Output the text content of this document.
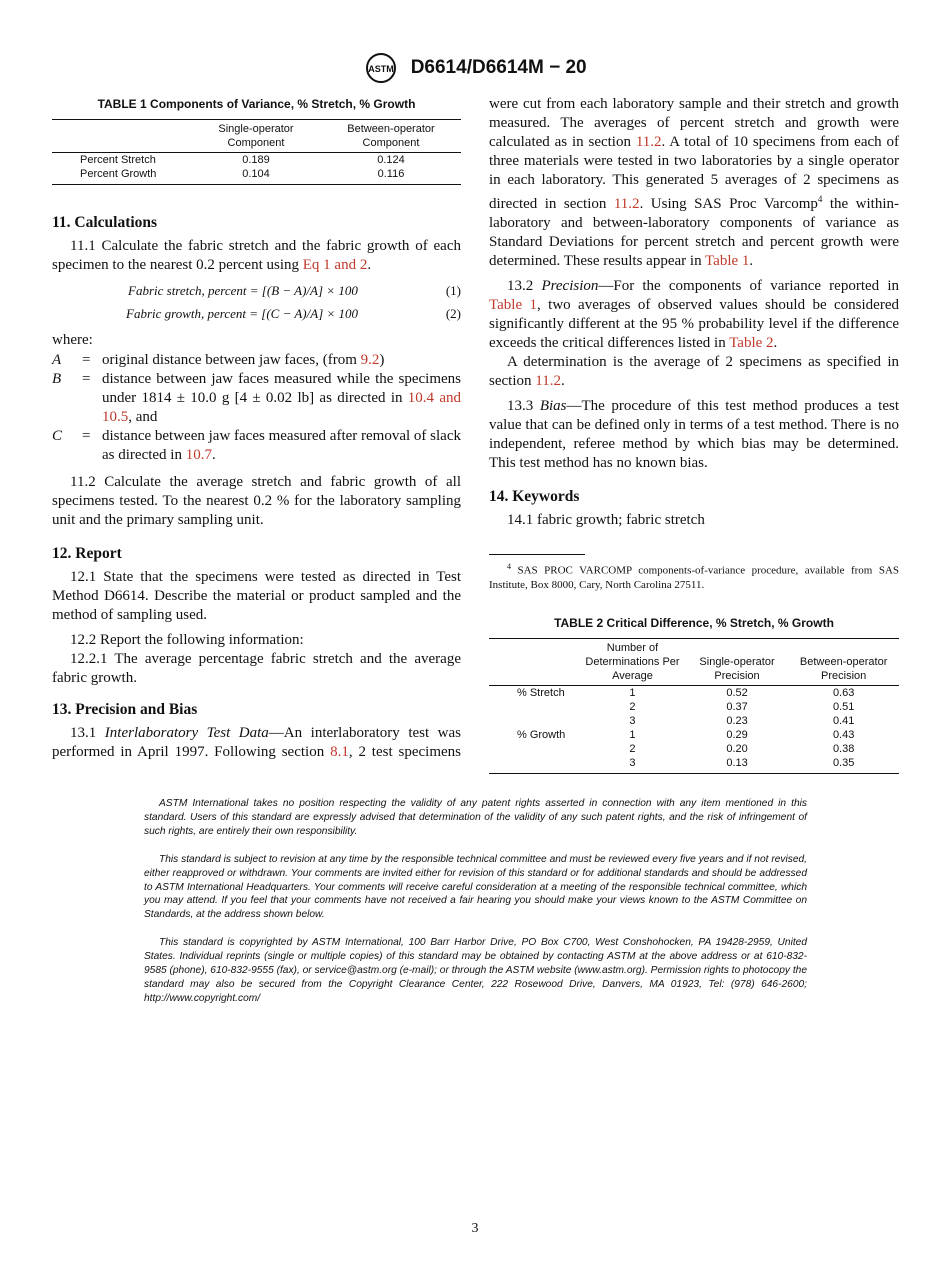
ASTM D6614/D6614M − 20
TABLE 1 Components of Variance, % Stretch, % Growth
	Single-operator Component	Between-operator Component
Percent Stretch	0.189	0.124
Percent Growth	0.104	0.116

11. Calculations

11.1 Calculate the fabric stretch and the fabric growth of each specimen to the nearest 0.2 percent using Eq 1 and 2.

Fabric stretch, percent = [(B − A)/A] × 100	(1)
Fabric growth, percent = [(C − A)/A] × 100	(2)

where:

A	= original distance between jaw faces, (from 9.2)
B	= distance between jaw faces measured while the specimens under 1814 ± 10.0 g [4 ± 0.02 lb] as directed in 10.4 and 10.5, and
C	= distance between jaw faces measured after removal of slack as directed in 10.7.

11.2 Calculate the average stretch and fabric growth of all specimens tested. To the nearest 0.2 % for the laboratory sampling unit and the primary sampling unit.

12. Report

12.1 State that the specimens were tested as directed in Test Method D6614. Describe the material or product sampled and the method of sampling used.

12.2 Report the following information:

12.2.1 The average percentage fabric stretch and the average fabric growth.

13. Precision and Bias

13.1 Interlaboratory Test Data—An interlaboratory test was performed in April 1997. Following section 8.1, 2 test specimens

were cut from each laboratory sample and their stretch and growth measured. The averages of percent stretch and growth were calculated as in section 11.2. A total of 10 specimens from each of three materials were tested in two laboratories by a single operator in each laboratory. This generated 5 averages of 2 specimens as directed in section 11.2. Using SAS Proc Varcomp$^4$ the within-laboratory and between-laboratory components of variance as Standard Deviations for percent stretch and percent growth were determined. These results appear in Table 1.

13.2 Precision—For the components of variance reported in Table 1, two averages of observed values should be considered significantly different at the 95 % probability level if the difference exceeds the critical differences listed in Table 2.

A determination is the average of 2 specimens as specified in section 11.2.

13.3 Bias—The procedure of this test method produces a test value that can be defined only in terms of a test method. There is no independent, referee method by which bias may be determined. This test method has no known bias.

14. Keywords

14.1 fabric growth; fabric stretch

$^4$ SAS PROC VARCOMP components-of-variance procedure, available from SAS Institute, Box 8000, Cary, North Carolina 27511.

TABLE 2 Critical Difference, % Stretch, % Growth
	Number of Determinations Per Average	Single-operator Precision	Between-operator Precision
% Stretch	1	0.52	0.63
	2	0.37	0.51
	3	0.23	0.41
% Growth	1	0.29	0.43
	2	0.20	0.38
	3	0.13	0.35

ASTM International takes no position respecting the validity of any patent rights asserted in connection with any item mentioned in this standard. Users of this standard are expressly advised that determination of the validity of any such patent rights, and the risk of infringement of such rights, are entirely their own responsibility.

This standard is subject to revision at any time by the responsible technical committee and must be reviewed every five years and if not revised, either reapproved or withdrawn. Your comments are invited either for revision of this standard or for additional standards and should be addressed to ASTM International Headquarters. Your comments will receive careful consideration at a meeting of the responsible technical committee, which you may attend. If you feel that your comments have not received a fair hearing you should make your views known to the ASTM Committee on Standards, at the address shown below.

This standard is copyrighted by ASTM International, 100 Barr Harbor Drive, PO Box C700, West Conshohocken, PA 19428-2959, United States. Individual reprints (single or multiple copies) of this standard may be obtained by contacting ASTM at the above address or at 610-832-9585 (phone), 610-832-9555 (fax), or service@astm.org (e-mail); or through the ASTM website (www.astm.org). Permission rights to photocopy the standard may also be secured from the Copyright Clearance Center, 222 Rosewood Drive, Danvers, MA 01923, Tel: (978) 646-2600; http://www.copyright.com/

3
